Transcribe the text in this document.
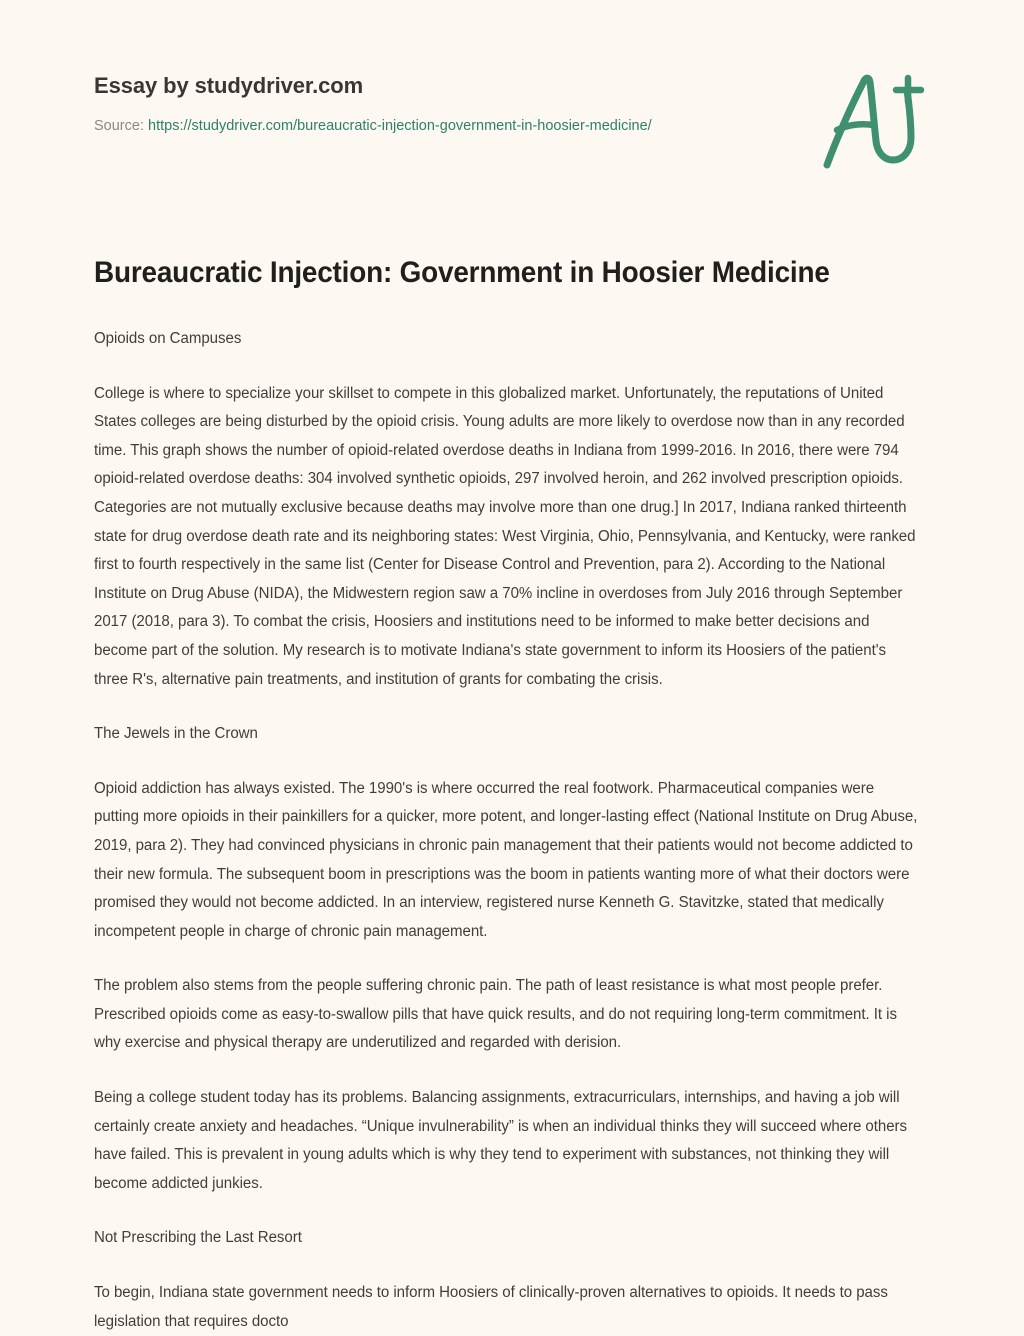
Essay by studydriver.com
Source: https://studydriver.com/bureaucratic-injection-government-in-hoosier-medicine/
Bureaucratic Injection: Government in Hoosier Medicine

Opioids on Campuses

College is where to specialize your skillset to compete in this globalized market. Unfortunately, the reputations of United States colleges are being disturbed by the opioid crisis. Young adults are more likely to overdose now than in any recorded time. This graph shows the number of opioid-related overdose deaths in Indiana from 1999-2016. In 2016, there were 794 opioid-related overdose deaths: 304 involved synthetic opioids, 297 involved heroin, and 262 involved prescription opioids. Categories are not mutually exclusive because deaths may involve more than one drug.] In 2017, Indiana ranked thirteenth state for drug overdose death rate and its neighboring states: West Virginia, Ohio, Pennsylvania, and Kentucky, were ranked first to fourth respectively in the same list (Center for Disease Control and Prevention, para 2). According to the National Institute on Drug Abuse (NIDA), the Midwestern region saw a 70% incline in overdoses from July 2016 through September 2017 (2018, para 3). To combat the crisis, Hoosiers and institutions need to be informed to make better decisions and become part of the solution. My research is to motivate Indiana's state government to inform its Hoosiers of the patient's three R's, alternative pain treatments, and institution of grants for combating the crisis.

The Jewels in the Crown

Opioid addiction has always existed. The 1990's is where occurred the real footwork. Pharmaceutical companies were putting more opioids in their painkillers for a quicker, more potent, and longer-lasting effect (National Institute on Drug Abuse, 2019, para 2). They had convinced physicians in chronic pain management that their patients would not become addicted to their new formula. The subsequent boom in prescriptions was the boom in patients wanting more of what their doctors were promised they would not become addicted. In an interview, registered nurse Kenneth G. Stavitzke, stated that medically incompetent people in charge of chronic pain management.

The problem also stems from the people suffering chronic pain. The path of least resistance is what most people prefer. Prescribed opioids come as easy-to-swallow pills that have quick results, and do not requiring long-term commitment. It is why exercise and physical therapy are underutilized and regarded with derision.

Being a college student today has its problems. Balancing assignments, extracurriculars, internships, and having a job will certainly create anxiety and headaches. “Unique invulnerability” is when an individual thinks they will succeed where others have failed. This is prevalent in young adults which is why they tend to experiment with substances, not thinking they will become addicted junkies.

Not Prescribing the Last Resort

To begin, Indiana state government needs to inform Hoosiers of clinically-proven alternatives to opioids. It needs to pass legislation that requires docto
